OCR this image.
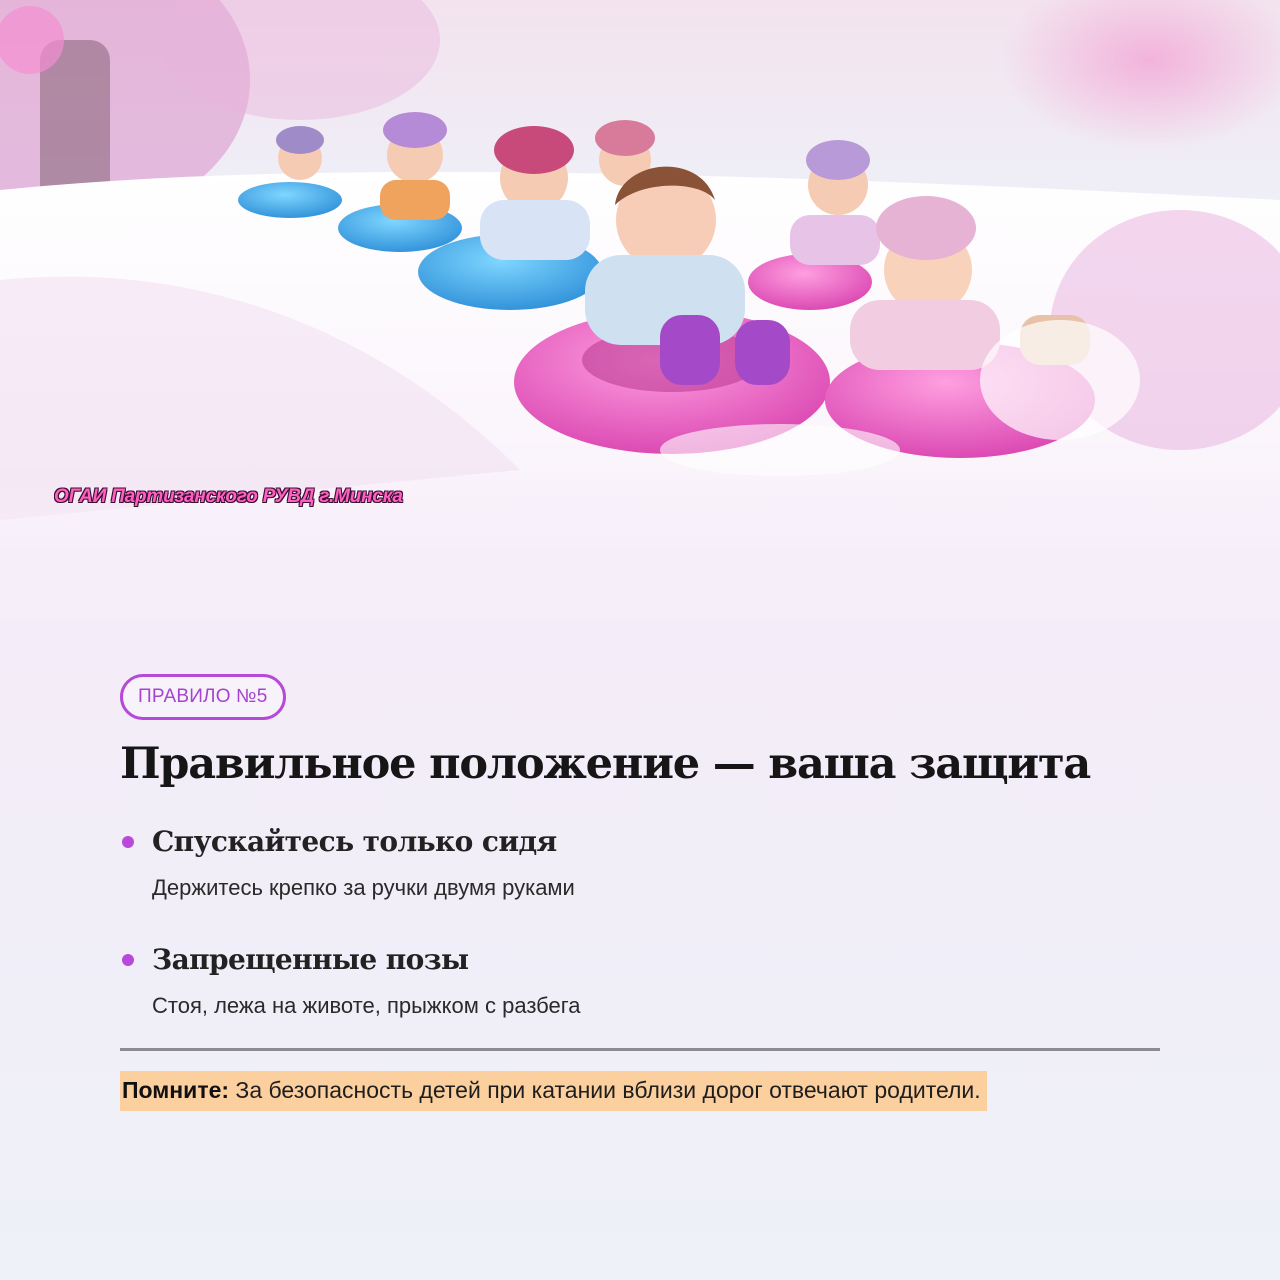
ОГАИ Партизанского РУВД г.Минска
ПРАВИЛО №5
Правильное положение — ваша защита
Спускайтесь только сидя
Держитесь крепко за ручки двумя руками
Запрещенные позы
Стоя, лежа на животе, прыжком с разбега
Помните: За безопасность детей при катании вблизи дорог отвечают родители.
